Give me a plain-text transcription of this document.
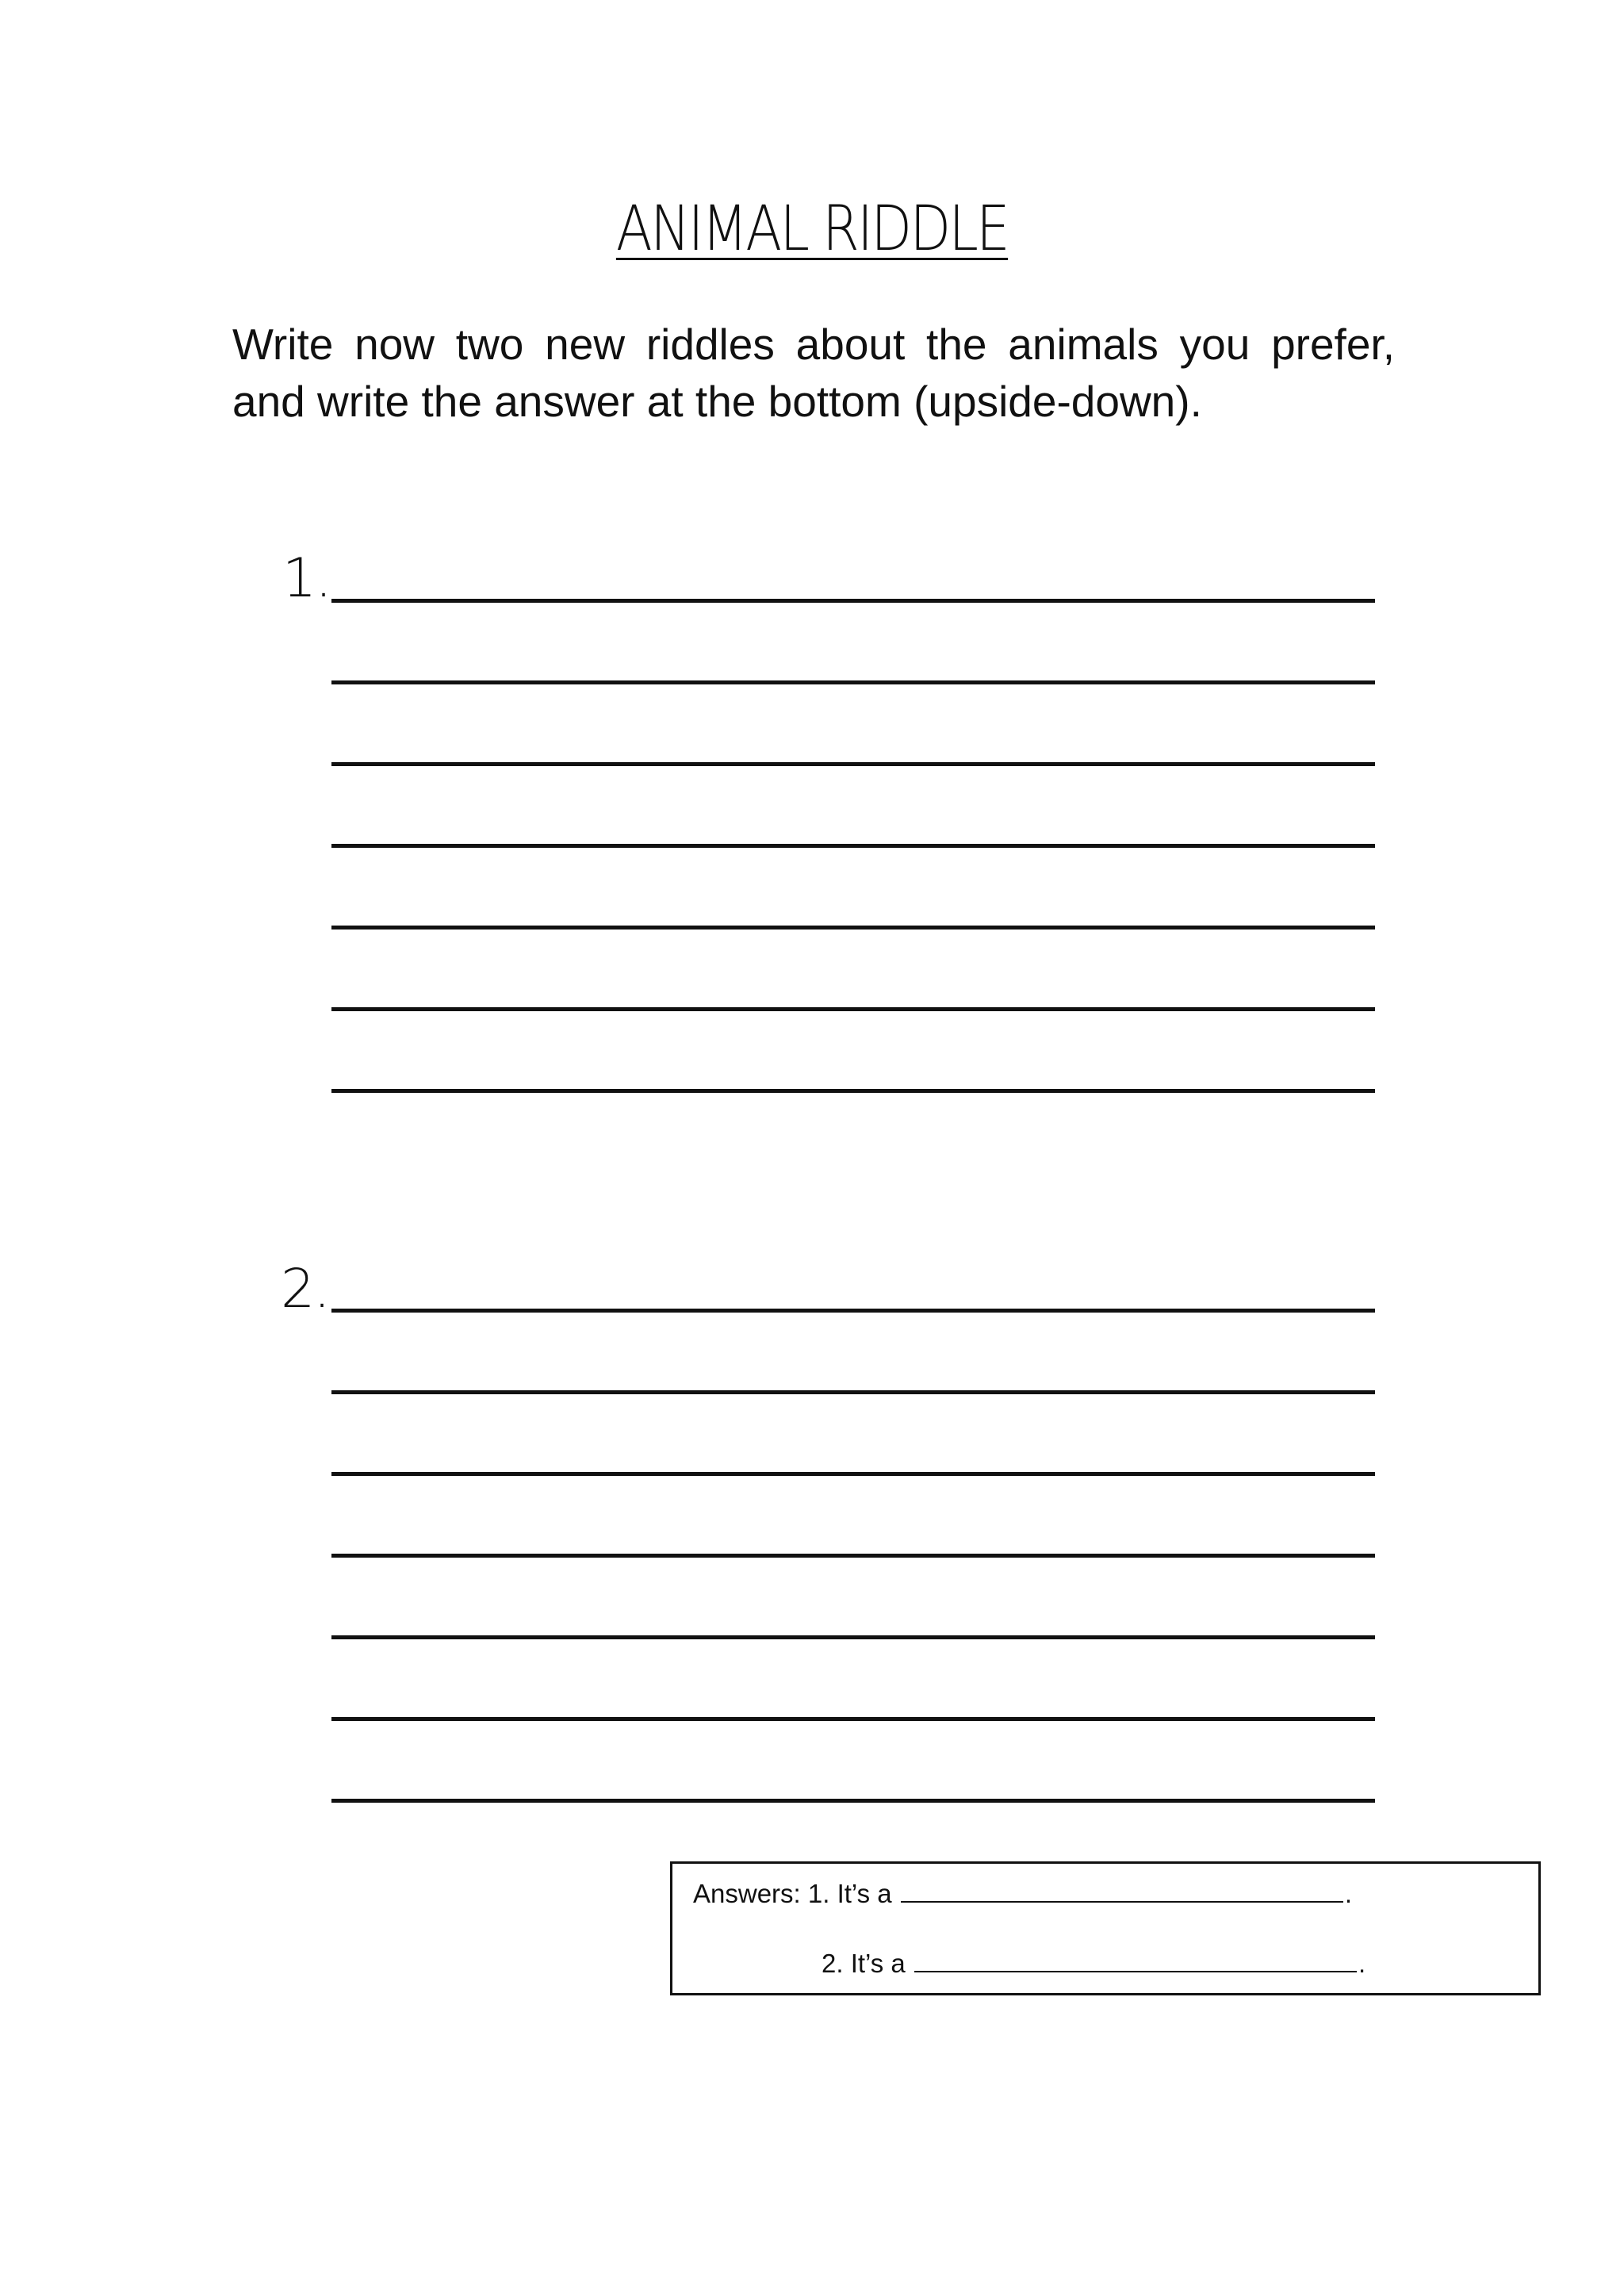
ANIMAL RIDDLE
Write now two new riddles about the animals you prefer, and write the answer at the bottom (upside-down).
1.
2.
Answers: 1. It’s a	.
2. It’s a	.
